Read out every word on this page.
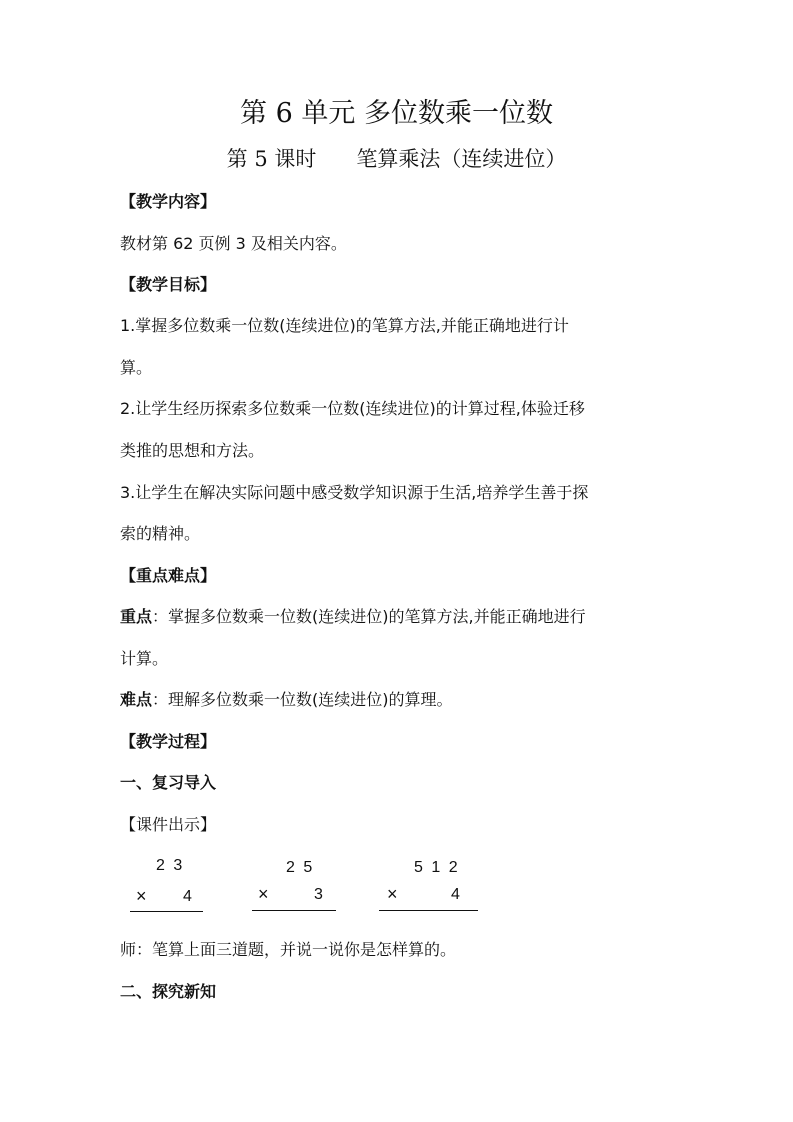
第 6 单元 多位数乘一位数
第 5 课时 笔算乘法（连续进位）
【教学内容】
教材第 62 页例 3 及相关内容。
【教学目标】
1.掌握多位数乘一位数(连续进位)的笔算方法,并能正确地进行计
算。
2.让学生经历探索多位数乘一位数(连续进位)的计算过程,体验迁移
类推的思想和方法。
3.让学生在解决实际问题中感受数学知识源于生活,培养学生善于探
索的精神。
【重点难点】
重点：掌握多位数乘一位数(连续进位)的笔算方法,并能正确地进行
计算。
难点：理解多位数乘一位数(连续进位)的算理。
【教学过程】
一、复习导入
【课件出示】
2 3
× 4
2 5
×	3
5 1 2
×	4
师：笔算上面三道题，并说一说你是怎样算的。
二、探究新知
